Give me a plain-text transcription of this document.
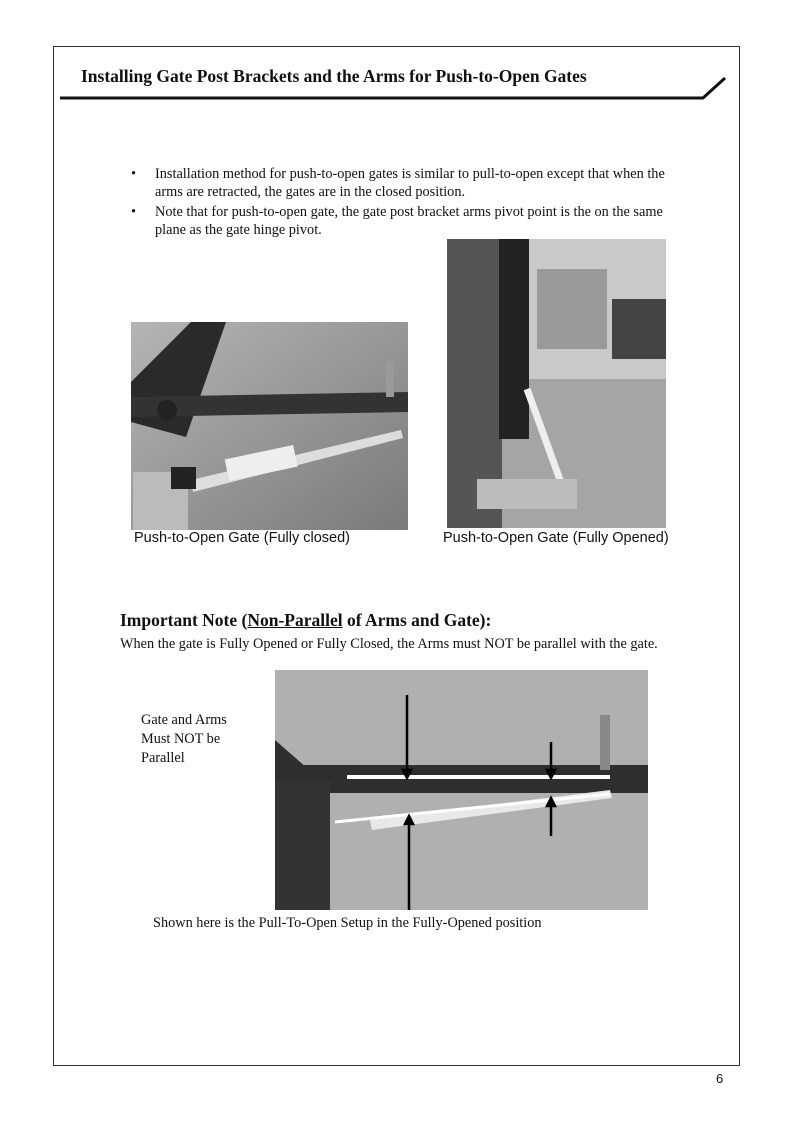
Installing Gate Post Brackets and the Arms for Push-to-Open Gates
• Installation method for push-to-open gates is similar to pull-to-open except that when the arms are retracted, the gates are in the closed position.
• Note that for push-to-open gate, the gate post bracket arms pivot point is the on the same plane as the gate hinge pivot.
Push-to-Open Gate (Fully closed)	Push-to-Open Gate (Fully Opened)
Important Note (Non-Parallel of Arms and Gate):
When the gate is Fully Opened or Fully Closed, the Arms must NOT be parallel with the gate.
Gate and Arms
Must NOT be
Parallel
Shown here is the Pull-To-Open Setup in the Fully-Opened position
6
